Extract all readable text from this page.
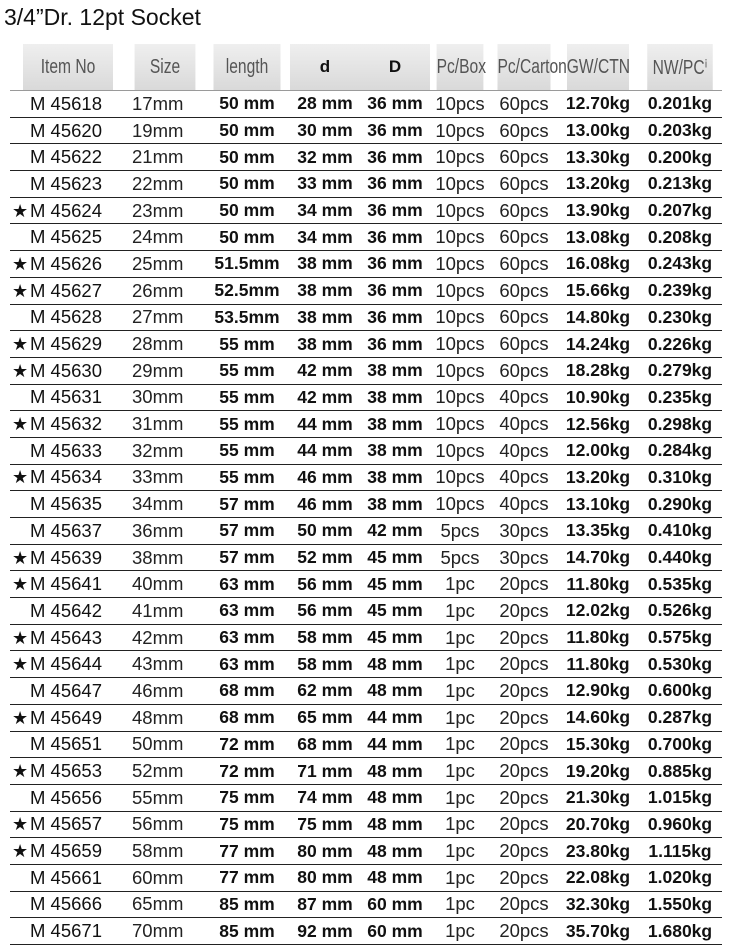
3/4”Dr. 12pt Socket
Item No	Size	length	d	D	Pc/Box	Pc/Carton	GW/CTN	NW/PCⁱ
M 45618	17mm	50 mm	28 mm	36 mm	10pcs	60pcs	12.70kg	0.201kg
M 45620	19mm	50 mm	30 mm	36 mm	10pcs	60pcs	13.00kg	0.203kg
M 45622	21mm	50 mm	32 mm	36 mm	10pcs	60pcs	13.30kg	0.200kg
M 45623	22mm	50 mm	33 mm	36 mm	10pcs	60pcs	13.20kg	0.213kg
★ M 45624	23mm	50 mm	34 mm	36 mm	10pcs	60pcs	13.90kg	0.207kg
M 45625	24mm	50 mm	34 mm	36 mm	10pcs	60pcs	13.08kg	0.208kg
★ M 45626	25mm	51.5mm	38 mm	36 mm	10pcs	60pcs	16.08kg	0.243kg
★ M 45627	26mm	52.5mm	38 mm	36 mm	10pcs	60pcs	15.66kg	0.239kg
M 45628	27mm	53.5mm	38 mm	36 mm	10pcs	60pcs	14.80kg	0.230kg
★ M 45629	28mm	55 mm	38 mm	36 mm	10pcs	60pcs	14.24kg	0.226kg
★ M 45630	29mm	55 mm	42 mm	38 mm	10pcs	60pcs	18.28kg	0.279kg
M 45631	30mm	55 mm	42 mm	38 mm	10pcs	40pcs	10.90kg	0.235kg
★ M 45632	31mm	55 mm	44 mm	38 mm	10pcs	40pcs	12.56kg	0.298kg
M 45633	32mm	55 mm	44 mm	38 mm	10pcs	40pcs	12.00kg	0.284kg
★ M 45634	33mm	55 mm	46 mm	38 mm	10pcs	40pcs	13.20kg	0.310kg
M 45635	34mm	57 mm	46 mm	38 mm	10pcs	40pcs	13.10kg	0.290kg
M 45637	36mm	57 mm	50 mm	42 mm	5pcs	30pcs	13.35kg	0.410kg
★ M 45639	38mm	57 mm	52 mm	45 mm	5pcs	30pcs	14.70kg	0.440kg
★ M 45641	40mm	63 mm	56 mm	45 mm	1pc	20pcs	11.80kg	0.535kg
M 45642	41mm	63 mm	56 mm	45 mm	1pc	20pcs	12.02kg	0.526kg
★ M 45643	42mm	63 mm	58 mm	45 mm	1pc	20pcs	11.80kg	0.575kg
★ M 45644	43mm	63 mm	58 mm	48 mm	1pc	20pcs	11.80kg	0.530kg
M 45647	46mm	68 mm	62 mm	48 mm	1pc	20pcs	12.90kg	0.600kg
★ M 45649	48mm	68 mm	65 mm	44 mm	1pc	20pcs	14.60kg	0.287kg
M 45651	50mm	72 mm	68 mm	44 mm	1pc	20pcs	15.30kg	0.700kg
★ M 45653	52mm	72 mm	71 mm	48 mm	1pc	20pcs	19.20kg	0.885kg
M 45656	55mm	75 mm	74 mm	48 mm	1pc	20pcs	21.30kg	1.015kg
★ M 45657	56mm	75 mm	75 mm	48 mm	1pc	20pcs	20.70kg	0.960kg
★ M 45659	58mm	77 mm	80 mm	48 mm	1pc	20pcs	23.80kg	1.115kg
M 45661	60mm	77 mm	80 mm	48 mm	1pc	20pcs	22.08kg	1.020kg
M 45666	65mm	85 mm	87 mm	60 mm	1pc	20pcs	32.30kg	1.550kg
M 45671	70mm	85 mm	92 mm	60 mm	1pc	20pcs	35.70kg	1.680kg
